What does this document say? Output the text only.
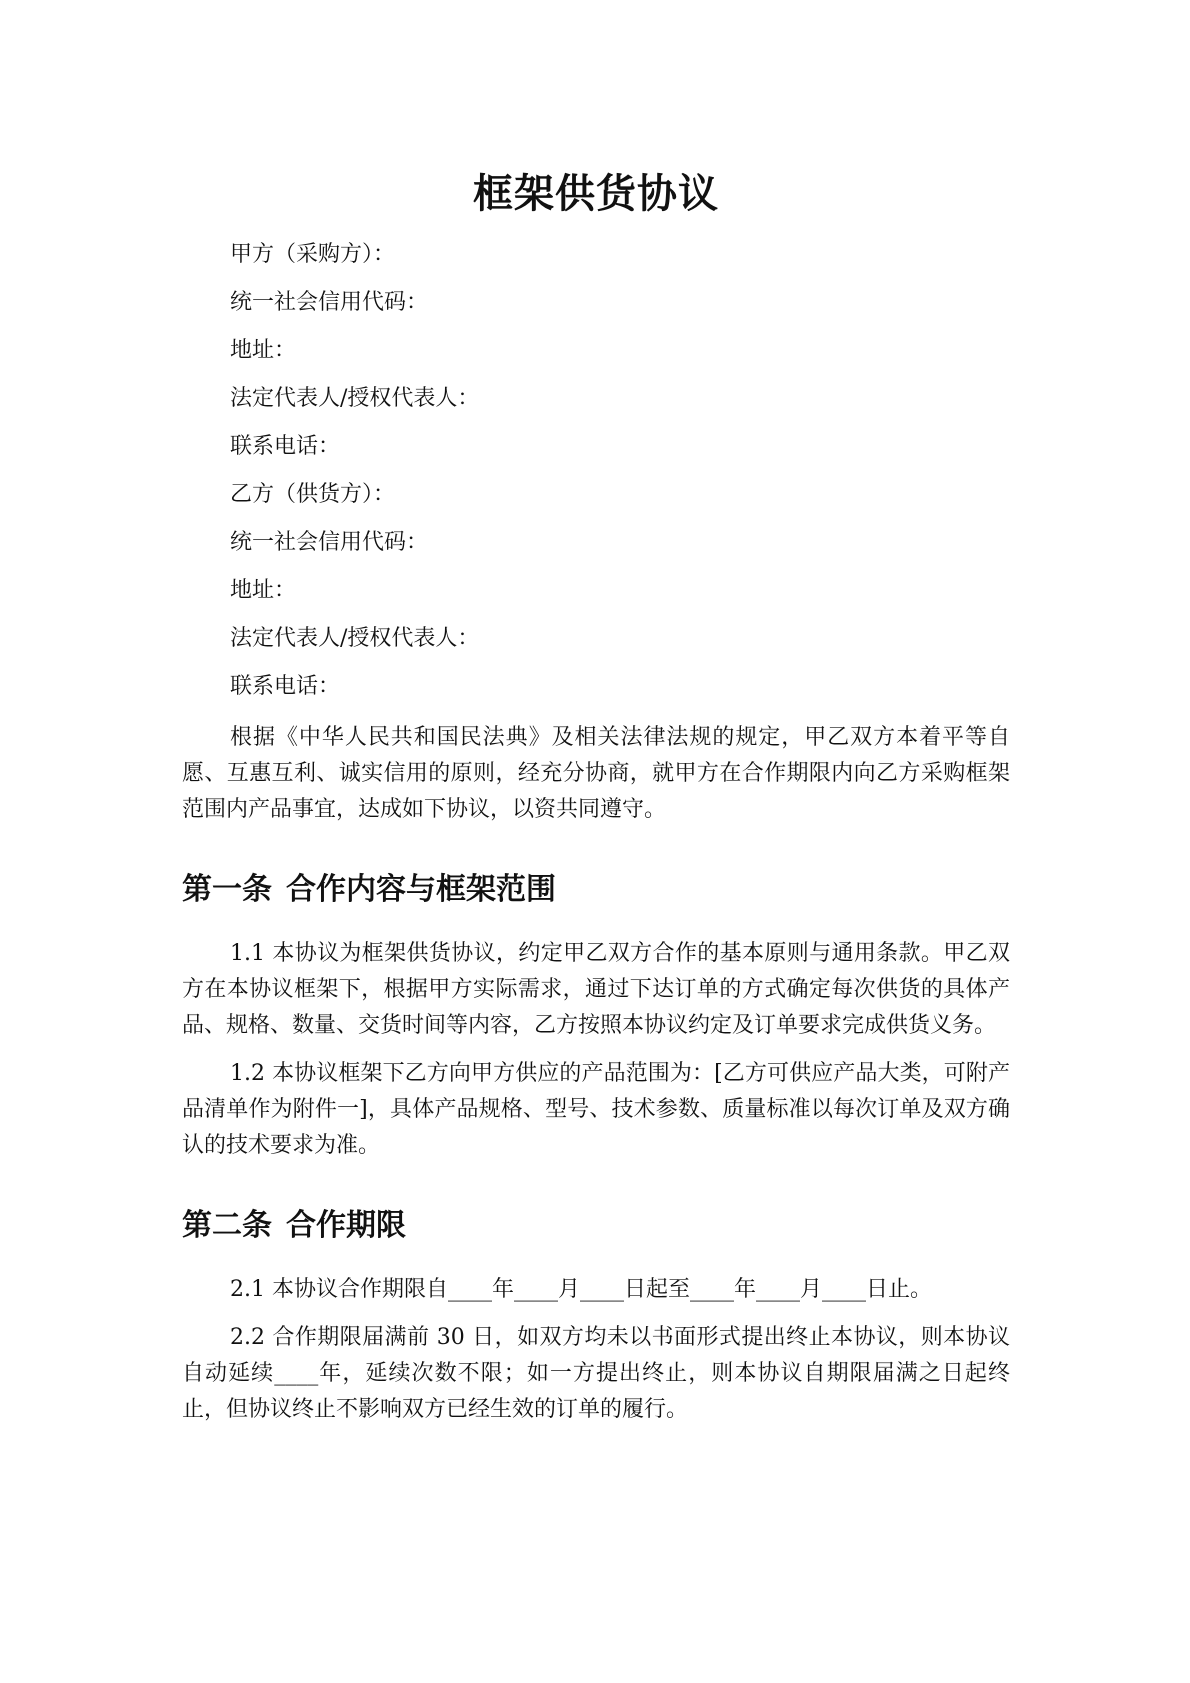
框架供货协议

甲方（采购方）：

统一社会信用代码：

地址：

法定代表人/授权代表人：

联系电话：

乙方（供货方）：

统一社会信用代码：

地址：

法定代表人/授权代表人：

联系电话：

根据《中华人民共和国民法典》及相关法律法规的规定，甲乙双方本着平等自愿、互惠互利、诚实信用的原则，经充分协商，就甲方在合作期限内向乙方采购框架范围内产品事宜，达成如下协议，以资共同遵守。

第一条 合作内容与框架范围

1.1 本协议为框架供货协议，约定甲乙双方合作的基本原则与通用条款。甲乙双方在本协议框架下，根据甲方实际需求，通过下达订单的方式确定每次供货的具体产品、规格、数量、交货时间等内容，乙方按照本协议约定及订单要求完成供货义务。

1.2 本协议框架下乙方向甲方供应的产品范围为：[乙方可供应产品大类，可附产品清单作为附件一]，具体产品规格、型号、技术参数、质量标准以每次订单及双方确认的技术要求为准。

第二条 合作期限

2.1 本协议合作期限自____年____月____日起至____年____月____日止。

2.2 合作期限届满前 30 日，如双方均未以书面形式提出终止本协议，则本协议自动延续____年，延续次数不限；如一方提出终止，则本协议自期限届满之日起终止，但协议终止不影响双方已经生效的订单的履行。
